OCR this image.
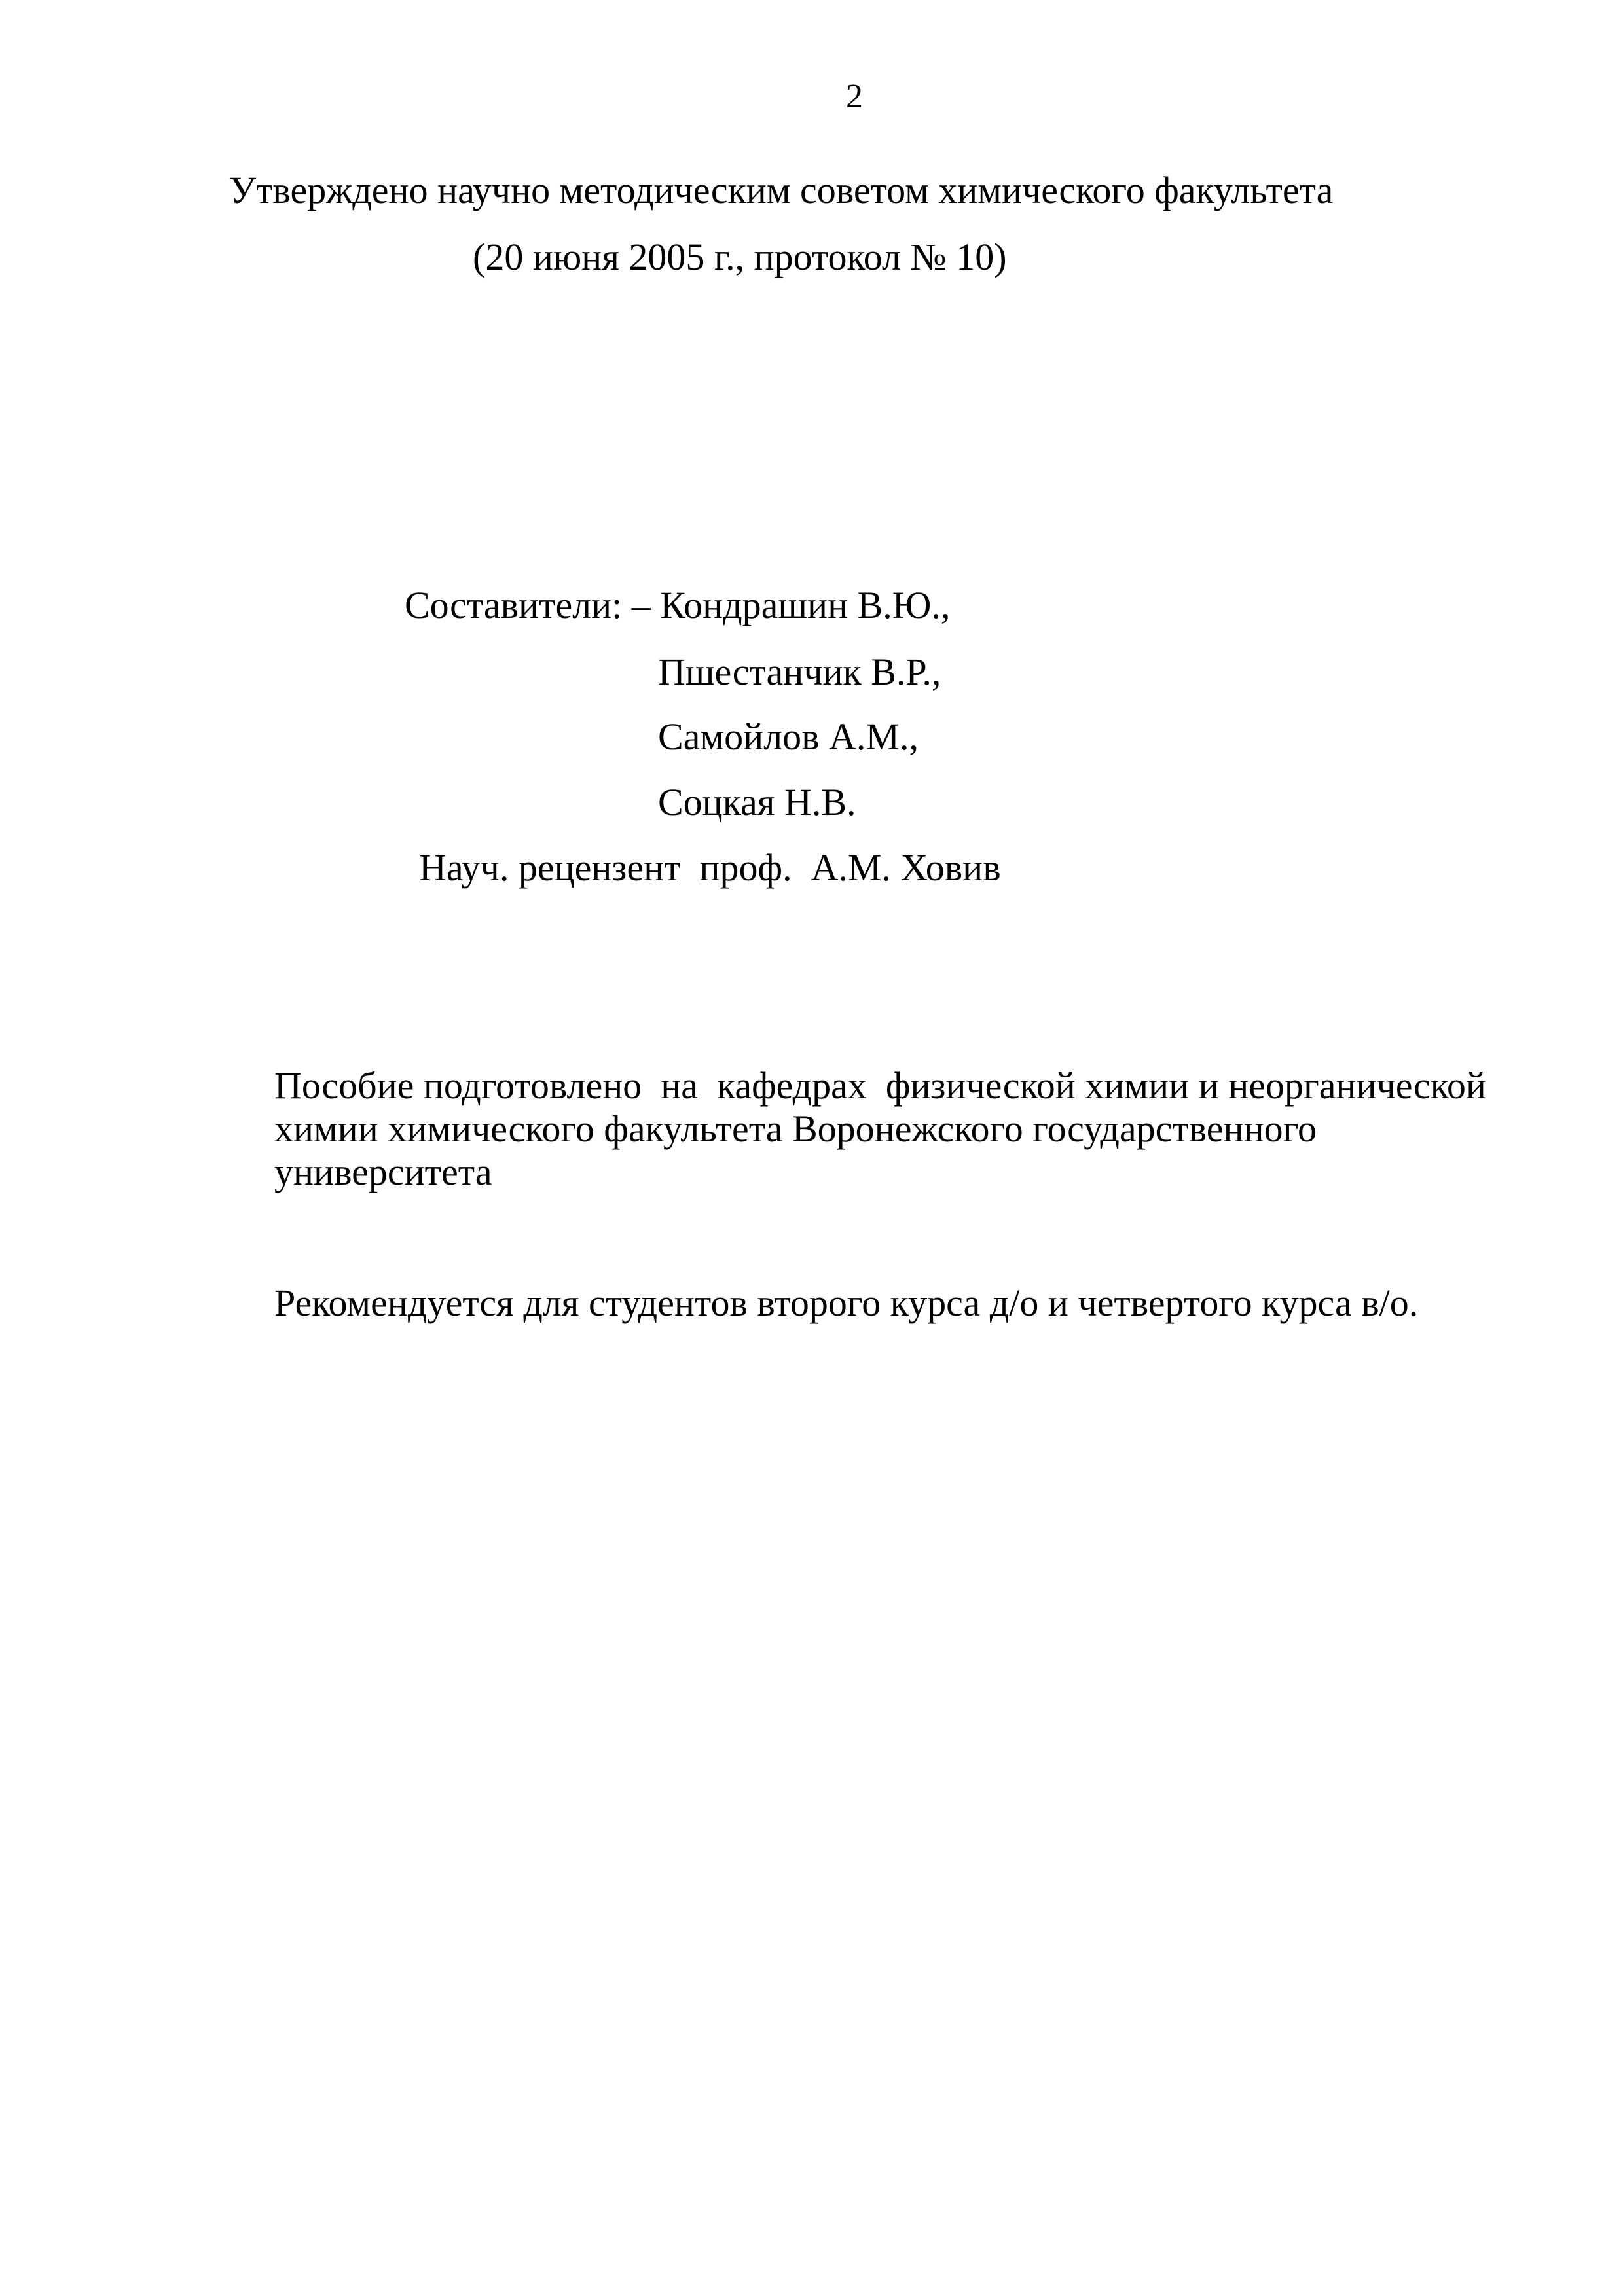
2
Утверждено научно методическим советом химического факультета
(20 июня 2005 г., протокол № 10)
Составители: – Кондрашин В.Ю.,
Пшестанчик В.Р.,
Самойлов А.М.,
Соцкая Н.В.
Науч. рецензент  проф.  А.М. Ховив
Пособие подготовлено  на  кафедрах  физической химии и неорганической
химии химического факультета Воронежского государственного
университета
Рекомендуется для студентов второго курса д/о и четвертого курса в/о.
